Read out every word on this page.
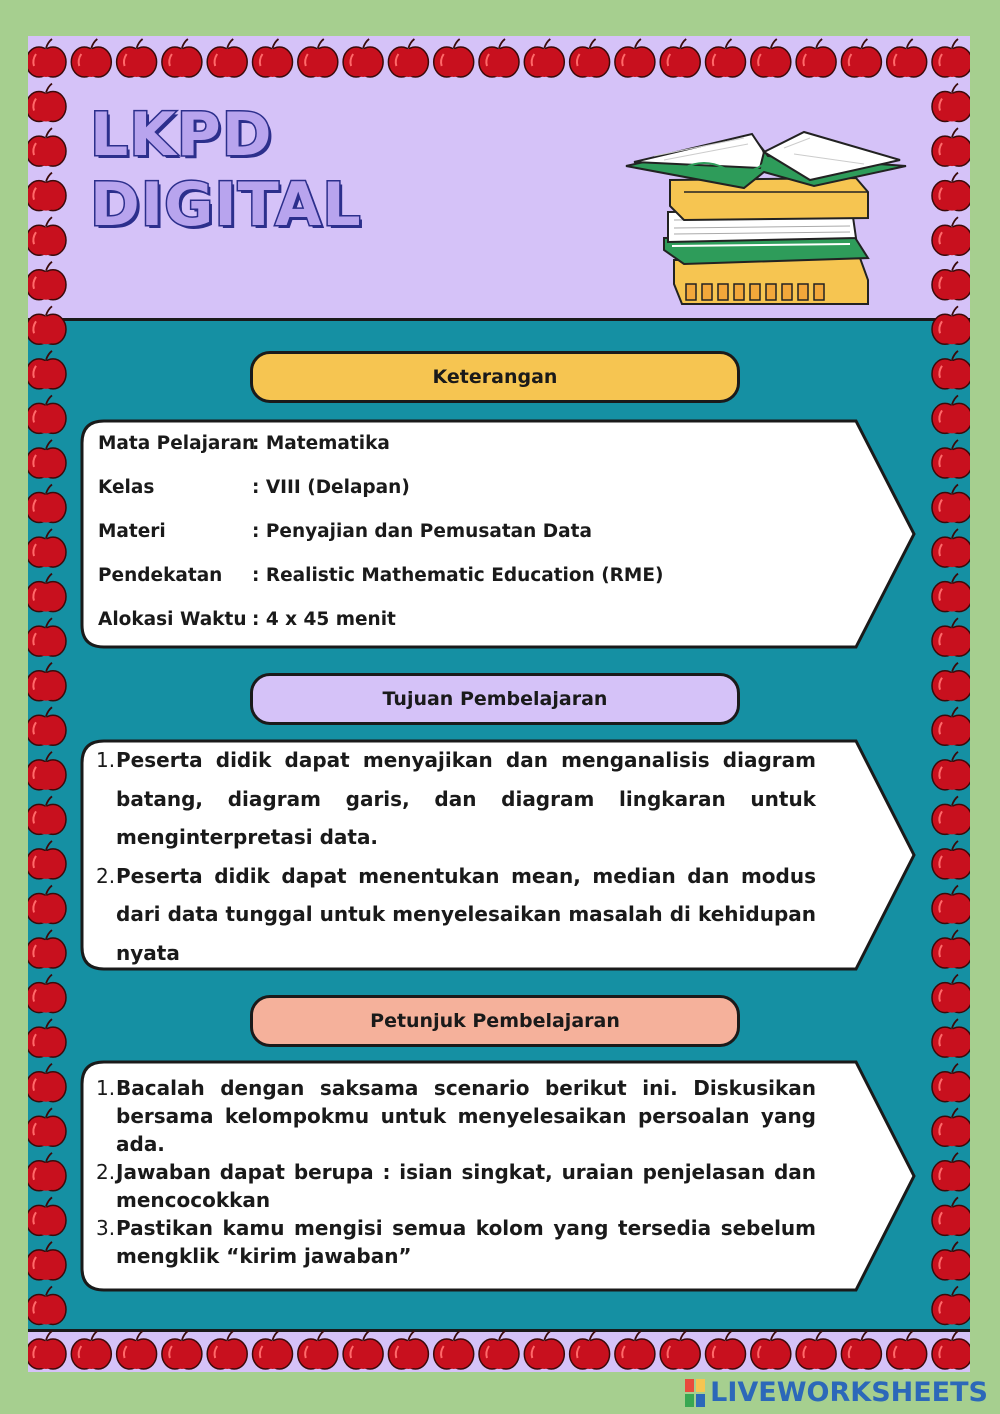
LKPD
DIGITAL
Keterangan
Mata Pelajaran
: Matematika
Kelas	: VIII (Delapan)
Materi	: Penyajian dan Pemusatan Data
Pendekatan : Realistic Mathematic Education (RME)
Alokasi Waktu : 4 x 45 menit
Tujuan Pembelajaran
1. Peserta didik dapat menyajikan dan menganalisis diagram batang, diagram garis, dan diagram lingkaran untuk menginterpretasi data.
2. Peserta didik dapat menentukan mean, median dan modus dari data tunggal untuk menyelesaikan masalah di kehidupan nyata
Petunjuk Pembelajaran
1. Bacalah dengan saksama scenario berikut ini. Diskusikan bersama kelompokmu untuk menyelesaikan persoalan yang ada.
2. Jawaban dapat berupa : isian singkat, uraian penjelasan dan mencocokkan
3. Pastikan kamu mengisi semua kolom yang tersedia sebelum mengklik “kirim jawaban”
LIVEWORKSHEETS
